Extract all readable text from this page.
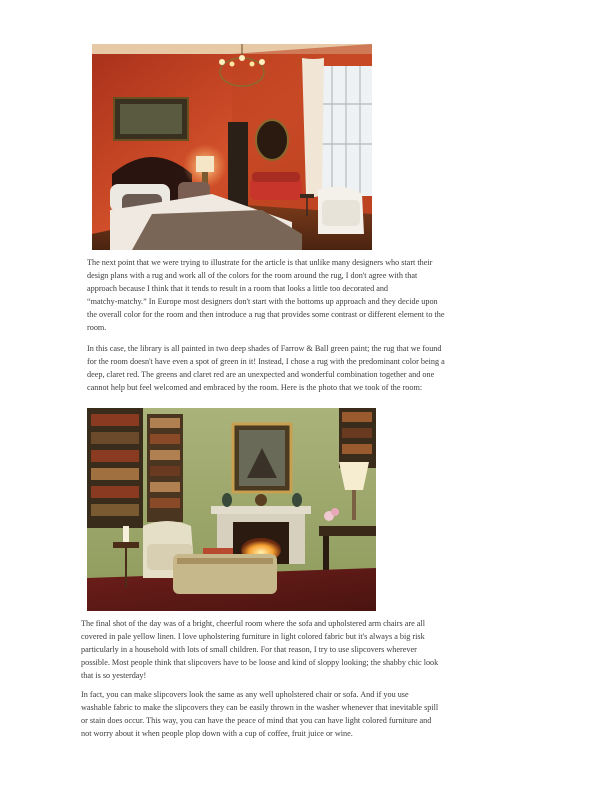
The next point that we were trying to illustrate for the article is that unlike many designers who start their
design plans with a rug and work all of the colors for the room around the rug, I don't agree with that
approach because I think that it tends to result in a room that looks a little too decorated and
“matchy-matchy.” In Europe most designers don't start with the bottoms up approach and they decide upon
the overall color for the room and then introduce a rug that provides some contrast or different element to the
room.
In this case, the library is all painted in two deep shades of Farrow & Ball green paint; the rug that we found
for the room doesn't have even a spot of green in it! Instead, I chose a rug with the predominant color being a
deep, claret red. The greens and claret red are an unexpected and wonderful combination together and one
cannot help but feel welcomed and embraced by the room. Here is the photo that we took of the room:
The final shot of the day was of a bright, cheerful room where the sofa and upholstered arm chairs are all
covered in pale yellow linen. I love upholstering furniture in light colored fabric but it's always a big risk
particularly in a household with lots of small children. For that reason, I try to use slipcovers wherever
possible. Most people think that slipcovers have to be loose and kind of sloppy looking; the shabby chic look
that is so yesterday!
In fact, you can make slipcovers look the same as any well upholstered chair or sofa. And if you use
washable fabric to make the slipcovers they can be easily thrown in the washer whenever that inevitable spill
or stain does occur. This way, you can have the peace of mind that you can have light colored furniture and
not worry about it when people plop down with a cup of coffee, fruit juice or wine.
